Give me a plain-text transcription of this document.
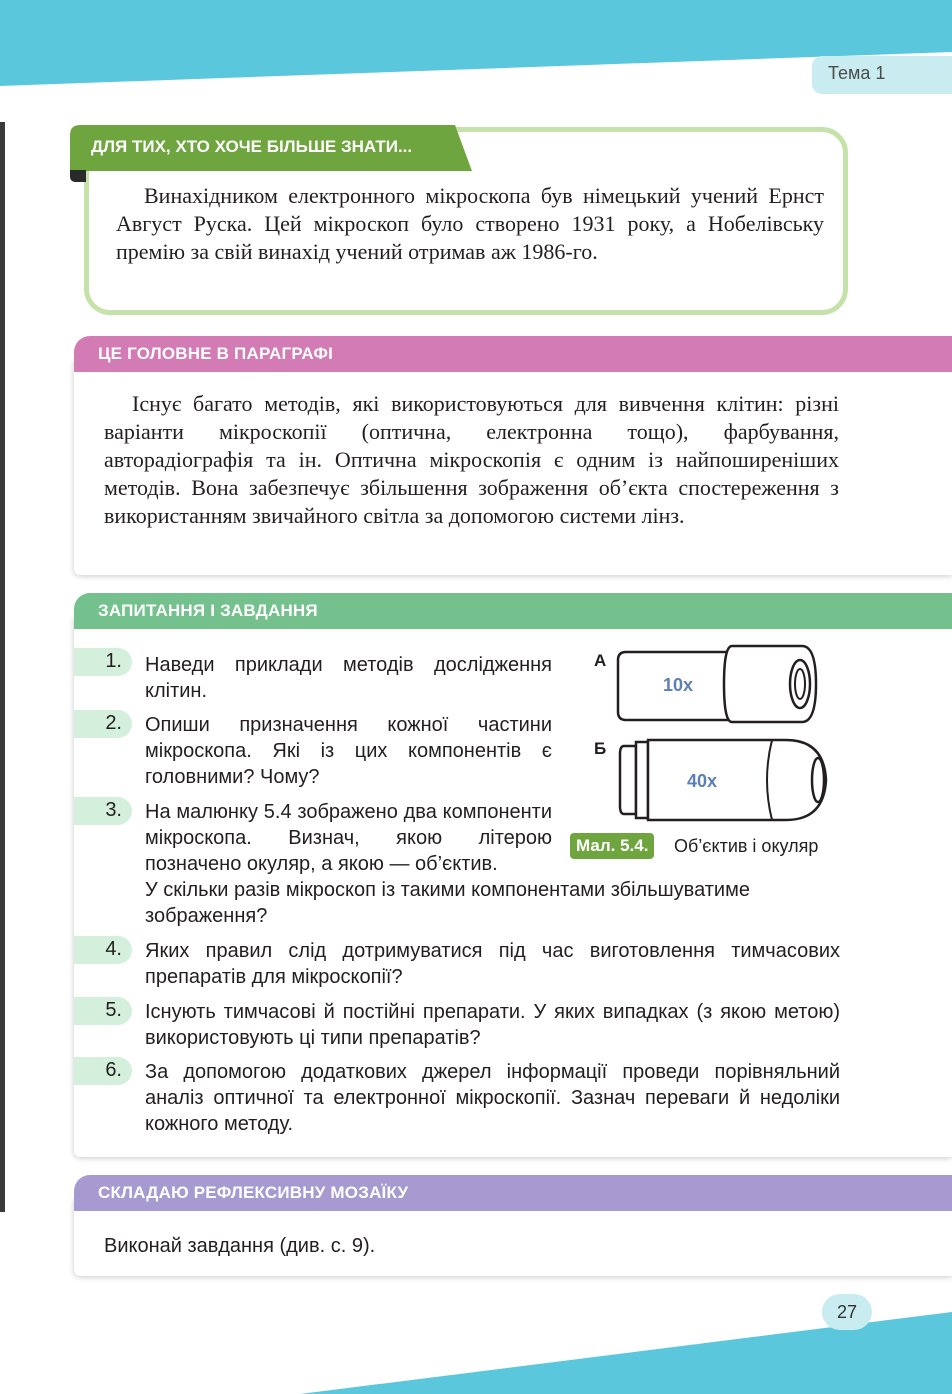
Тема 1
ДЛЯ ТИХ, ХТО ХОЧЕ БІЛЬШЕ ЗНАТИ...

Винахідником електронного мікроскопа був німецький учений Ернст Август Руска. Цей мікроскоп було створено 1931 року, а Нобелівську премію за свій винахід учений отримав аж 1986-го.

ЦЕ ГОЛОВНЕ В ПАРАГРАФІ

Існує багато методів, які використовуються для вивчення клітин: різні варіанти мікроскопії (оптична, електронна тощо), фарбування, авторадіографія та ін. Оптична мікроскопія є одним із найпоширеніших методів. Вона забезпечує збільшення зображення об’єкта спостереження з використанням звичайного світла за допомогою системи лінз.

ЗАПИТАННЯ І ЗАВДАННЯ
1. Наведи приклади методів дослідження клітин.

2. Опиши призначення кожної частини мікроскопа. Які із цих компонентів є головними? Чому?

3. На малюнку 5.4 зображено два компоненти мікроскопа. Визнач, якою літерою позначено окуляр, а якою — об’єктив.

У скільки разів мікроскоп із такими компонентами збільшуватиме зображення?

4. Яких правил слід дотримуватися під час виготовлення тимчасових препаратів для мікроскопії?

5. Існують тимчасові й постійні препарати. У яких випадках (з якою метою) використовують ці типи препаратів?

6. За допомогою додаткових джерел інформації проведи порівняльний аналіз оптичної та електронної мікроскопії. Зазнач переваги й недоліки кожного методу.

А
10x
Б
40x
Мал. 5.4.	Об’єктив і окуляр
СКЛАДАЮ РЕФЛЕКСИВНУ МОЗАЇКУ
Виконай завдання (див. с. 9).
27
